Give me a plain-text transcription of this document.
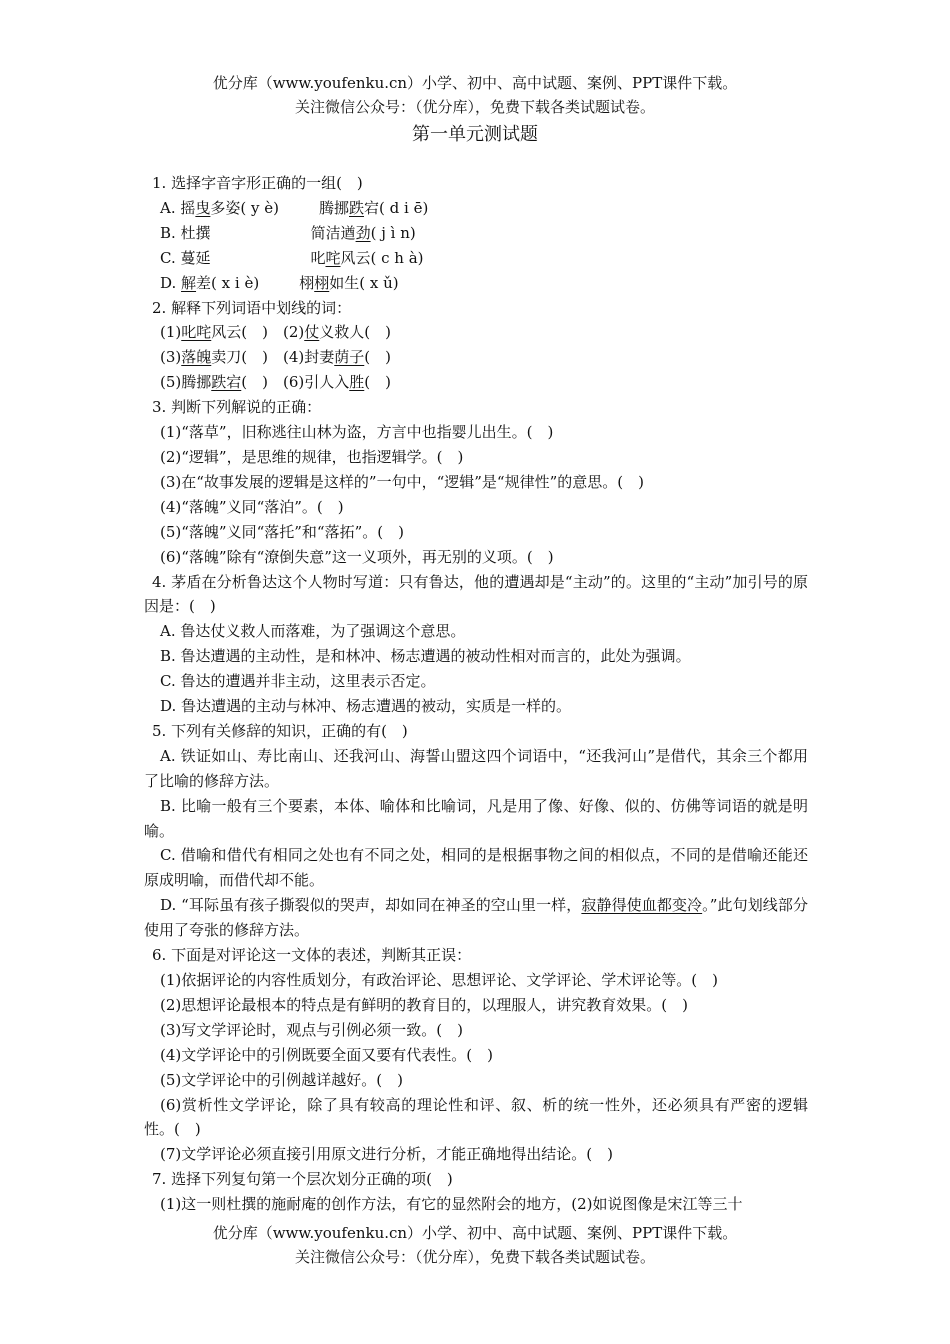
优分库（www.youfenku.cn）小学、初中、高中试题、案例、PPT课件下载。
关注微信公众号：（优分库），免费下载各类试题试卷。
第一单元测试题
1. 选择字音字形正确的一组(　)
A. 摇曳多姿( y è)	腾挪跌宕( d i ē)
B. 杜撰	简洁遒劲( j ì n)
C. 蔓延	叱咤风云( c h à)
D. 解差( x i è)	栩栩如生( x ǔ)
2. 解释下列词语中划线的词：
(1)叱咤风云(　)　 (2)仗义救人(　)
(3)落魄卖刀(　)　 (4)封妻荫子(　)
(5)腾挪跌宕(　)　 (6)引人入胜(　)
3. 判断下列解说的正确：
(1)“落草”，旧称逃往山林为盗，方言中也指婴儿出生。(　)
(2)“逻辑”，是思维的规律，也指逻辑学。(　)
(3)在“故事发展的逻辑是这样的”一句中，“逻辑”是“规律性”的意思。(　)
(4)“落魄”义同“落泊”。(　)
(5)“落魄”义同“落托”和“落拓”。(　)
(6)“落魄”除有“潦倒失意”这一义项外，再无别的义项。(　)
4. 茅盾在分析鲁达这个人物时写道：只有鲁达，他的遭遇却是“主动”的。这里的“主动”加引号的原因是：(　)
A. 鲁达仗义救人而落难，为了强调这个意思。
B. 鲁达遭遇的主动性，是和林冲、杨志遭遇的被动性相对而言的，此处为强调。
C. 鲁达的遭遇并非主动，这里表示否定。
D. 鲁达遭遇的主动与林冲、杨志遭遇的被动，实质是一样的。
5. 下列有关修辞的知识，正确的有(　)
A. 铁证如山、寿比南山、还我河山、海誓山盟这四个词语中，“还我河山”是借代，其余三个都用了比喻的修辞方法。
B. 比喻一般有三个要素，本体、喻体和比喻词，凡是用了像、好像、似的、仿佛等词语的就是明喻。
C. 借喻和借代有相同之处也有不同之处，相同的是根据事物之间的相似点，不同的是借喻还能还原成明喻，而借代却不能。
D. “耳际虽有孩子撕裂似的哭声，却如同在神圣的空山里一样，寂静得使血都变冷。”此句划线部分使用了夸张的修辞方法。
6. 下面是对评论这一文体的表述，判断其正误：
(1)依据评论的内容性质划分，有政治评论、思想评论、文学评论、学术评论等。(　)
(2)思想评论最根本的特点是有鲜明的教育目的，以理服人，讲究教育效果。(　)
(3)写文学评论时，观点与引例必须一致。(　)
(4)文学评论中的引例既要全面又要有代表性。(　)
(5)文学评论中的引例越详越好。(　)
(6)赏析性文学评论，除了具有较高的理论性和评、叙、析的统一性外，还必须具有严密的逻辑性。(　)
(7)文学评论必须直接引用原文进行分析，才能正确地得出结论。(　)
7. 选择下列复句第一个层次划分正确的项(　)
(1)这一则杜撰的施耐庵的创作方法，有它的显然附会的地方，(2)如说图像是宋江等三十
优分库（www.youfenku.cn）小学、初中、高中试题、案例、PPT课件下载。
关注微信公众号：（优分库），免费下载各类试题试卷。
